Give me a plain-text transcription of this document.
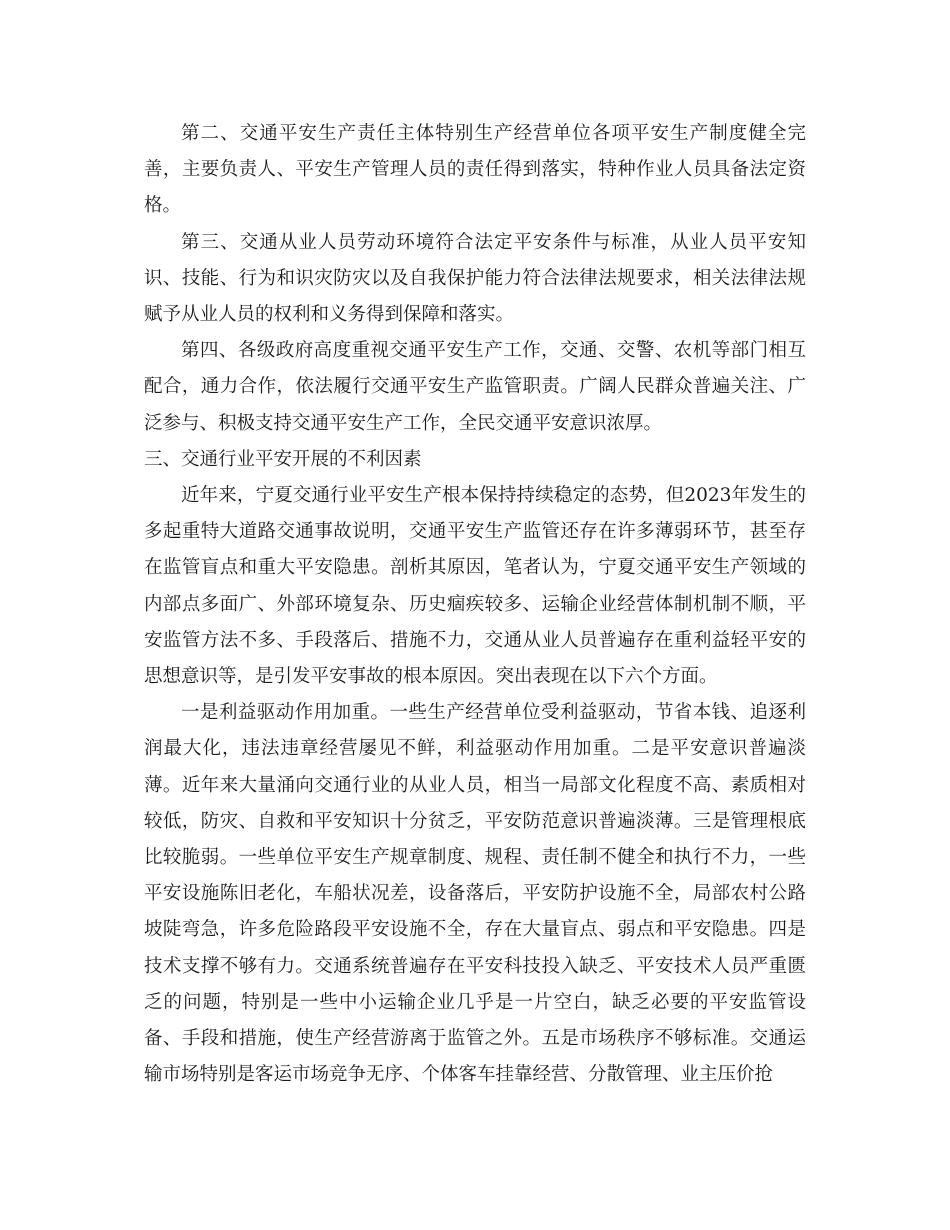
第二、交通平安生产责任主体特别生产经营单位各项平安生产制度健全完善，主要负责人、平安生产管理人员的责任得到落实，特种作业人员具备法定资格。

第三、交通从业人员劳动环境符合法定平安条件与标准，从业人员平安知识、技能、行为和识灾防灾以及自我保护能力符合法律法规要求，相关法律法规赋予从业人员的权利和义务得到保障和落实。

第四、各级政府高度重视交通平安生产工作，交通、交警、农机等部门相互配合，通力合作，依法履行交通平安生产监管职责。广阔人民群众普遍关注、广泛参与、积极支持交通平安生产工作，全民交通平安意识浓厚。

三、交通行业平安开展的不利因素

近年来，宁夏交通行业平安生产根本保持持续稳定的态势，但2023年发生的多起重特大道路交通事故说明，交通平安生产监管还存在许多薄弱环节，甚至存在监管盲点和重大平安隐患。剖析其原因，笔者认为，宁夏交通平安生产领域的内部点多面广、外部环境复杂、历史痼疾较多、运输企业经营体制机制不顺，平安监管方法不多、手段落后、措施不力，交通从业人员普遍存在重利益轻平安的思想意识等，是引发平安事故的根本原因。突出表现在以下六个方面。

一是利益驱动作用加重。一些生产经营单位受利益驱动，节省本钱、追逐利润最大化，违法违章经营屡见不鲜，利益驱动作用加重。二是平安意识普遍淡薄。近年来大量涌向交通行业的从业人员，相当一局部文化程度不高、素质相对较低，防灾、自救和平安知识十分贫乏，平安防范意识普遍淡薄。三是管理根底比较脆弱。一些单位平安生产规章制度、规程、责任制不健全和执行不力，一些平安设施陈旧老化，车船状况差，设备落后，平安防护设施不全，局部农村公路坡陡弯急，许多危险路段平安设施不全，存在大量盲点、弱点和平安隐患。四是技术支撑不够有力。交通系统普遍存在平安科技投入缺乏、平安技术人员严重匮乏的问题，特别是一些中小运输企业几乎是一片空白，缺乏必要的平安监管设备、手段和措施，使生产经营游离于监管之外。五是市场秩序不够标准。交通运输市场特别是客运市场竞争无序、个体客车挂靠经营、分散管理、业主压价抢
